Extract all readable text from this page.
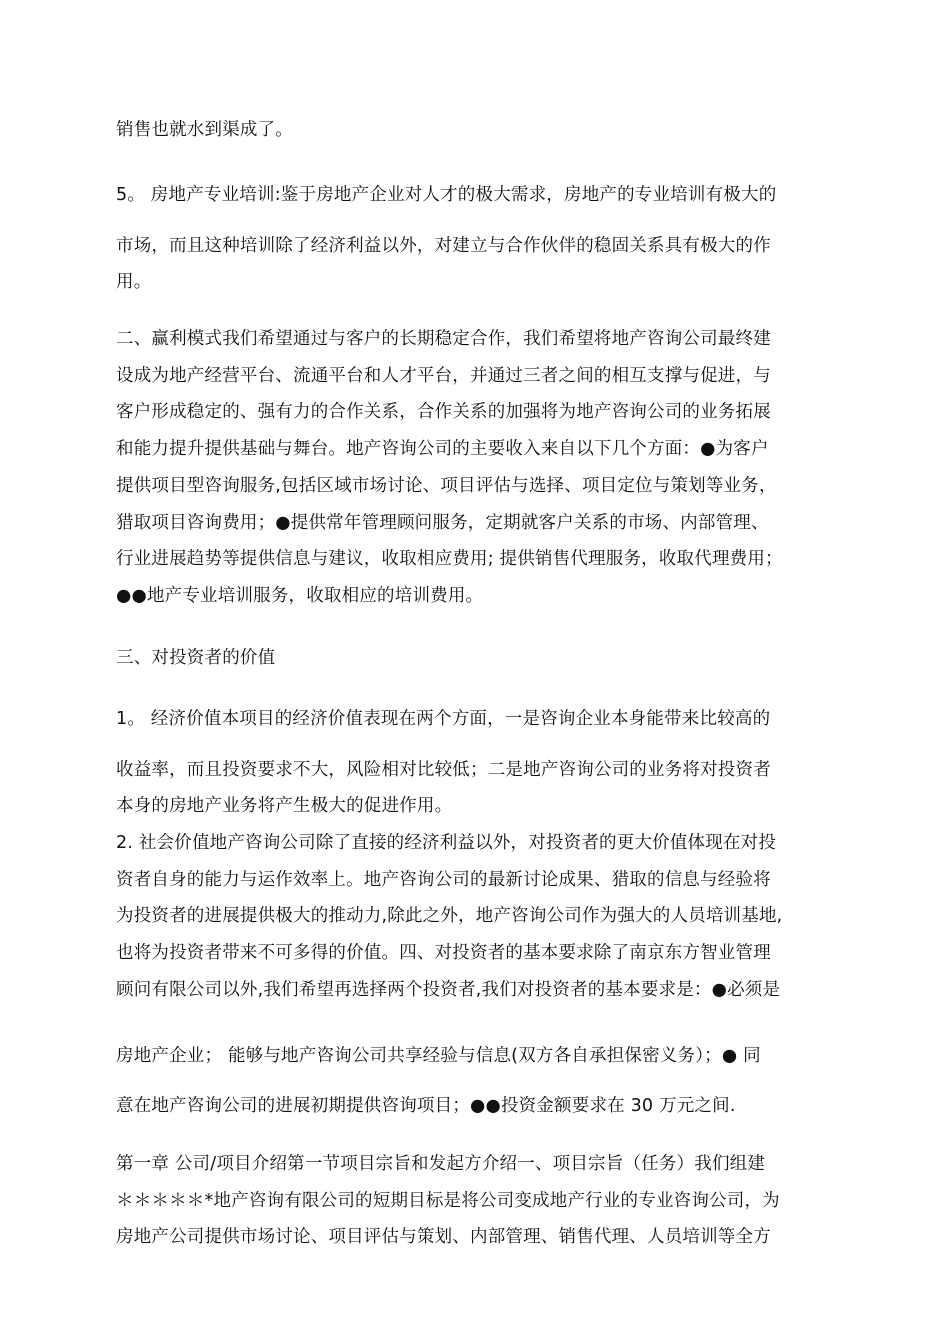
销售也就水到渠成了。
5。 房地产专业培训:鉴于房地产企业对人才的极大需求，房地产的专业培训有极大的
市场，而且这种培训除了经济利益以外，对建立与合作伙伴的稳固关系具有极大的作
用。
二、赢利模式我们希望通过与客户的长期稳定合作，我们希望将地产咨询公司最终建
设成为地产经营平台、流通平台和人才平台，并通过三者之间的相互支撑与促进，与
客户形成稳定的、强有力的合作关系，合作关系的加强将为地产咨询公司的业务拓展
和能力提升提供基础与舞台。地产咨询公司的主要收入来自以下几个方面：●为客户
提供项目型咨询服务,包括区域市场讨论、项目评估与选择、项目定位与策划等业务，
猎取项目咨询费用；●提供常年管理顾问服务，定期就客户关系的市场、内部管理、
行业进展趋势等提供信息与建议，收取相应费用; 提供销售代理服务，收取代理费用；
●●地产专业培训服务，收取相应的培训费用。
三、对投资者的价值
1。 经济价值本项目的经济价值表现在两个方面，一是咨询企业本身能带来比较高的
收益率，而且投资要求不大，风险相对比较低；二是地产咨询公司的业务将对投资者
本身的房地产业务将产生极大的促进作用。
2. 社会价值地产咨询公司除了直接的经济利益以外，对投资者的更大价值体现在对投
资者自身的能力与运作效率上。地产咨询公司的最新讨论成果、猎取的信息与经验将
为投资者的进展提供极大的推动力,除此之外，地产咨询公司作为强大的人员培训基地,
也将为投资者带来不可多得的价值。四、对投资者的基本要求除了南京东方智业管理
顾问有限公司以外,我们希望再选择两个投资者,我们对投资者的基本要求是：●必须是
房地产企业； 能够与地产咨询公司共享经验与信息(双方各自承担保密义务）；● 同
意在地产咨询公司的进展初期提供咨询项目；●●投资金额要求在 30 万元之间.
第一章 公司/项目介绍第一节项目宗旨和发起方介绍一、项目宗旨（任务）我们组建
＊＊＊＊＊*地产咨询有限公司的短期目标是将公司变成地产行业的专业咨询公司，为
房地产公司提供市场讨论、项目评估与策划、内部管理、销售代理、人员培训等全方
